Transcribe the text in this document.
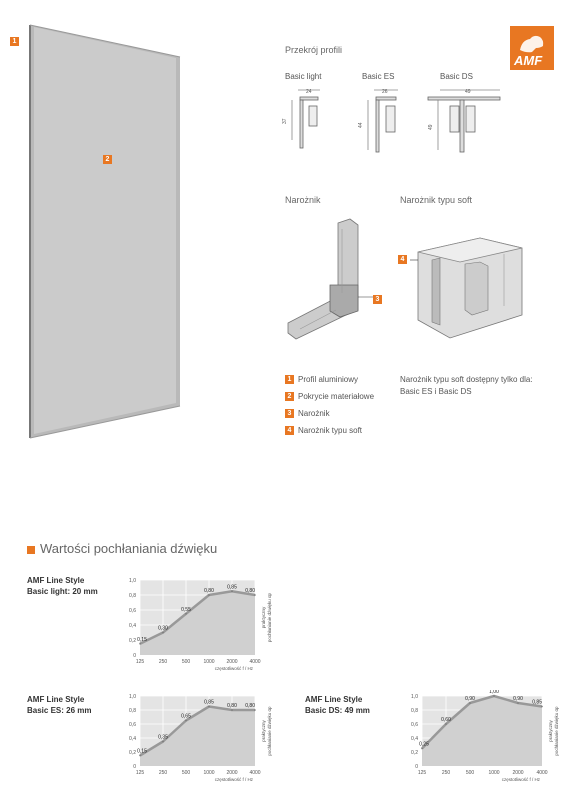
1
2
AMF
Przekrój profili
Basic light	Basic ES	Basic DS
24
37
26
44
49
49
Narożnik
3
Narożnik typu soft
4
Narożnik typu soft dostępny tylko dla:
Basic ES i Basic DS
1 Profil aluminiowy
2 Pokrycie materiałowe
3 Narożnik
4 Narożnik typu soft
Wartości pochłaniania dźwięku
AMF Line Style
Basic light: 20 mm
AMF Line Style
Basic ES: 26 mm
AMF Line Style
Basic DS: 49 mm
0
0,2
0,4
0,6
0,8
1,0
125	250	500	1000 2000 4000
0,15
0,30
0,55
0,80
0,85
0,80
częstotliwość f / Hz
praktyczny pochłanianie dźwięku αp
0
0,2
0,4
0,6
0,8
1,0
125	250	500	1000 2000 4000
0,15
0,35
0,65
0,85
0,80 0,80
częstotliwość f / Hz
praktyczny pochłanianie dźwięku αp
0
0,2
0,4
0,6
0,8
1,0
125	250	500	1000	2000	4000
0,25
0,60
0,90
1,00
0,90
0,85
częstotliwość f / Hz
praktyczny pochłanianie dźwięku αp
